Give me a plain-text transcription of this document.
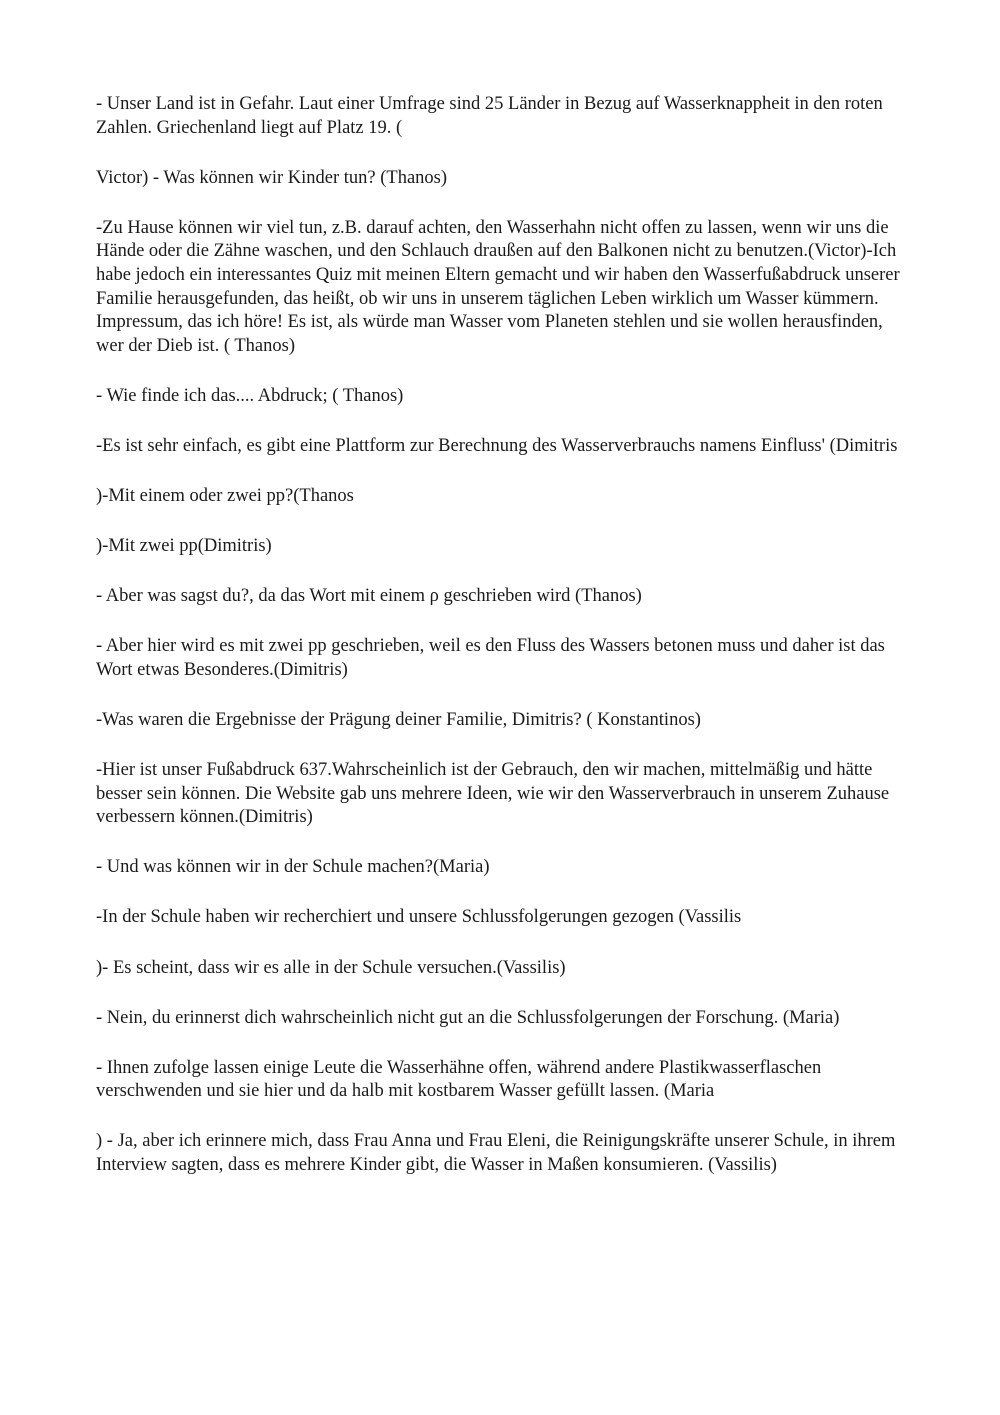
- Unser Land ist in Gefahr. Laut einer Umfrage sind 25 Länder in Bezug auf Wasserknappheit in den roten Zahlen. Griechenland liegt auf Platz 19. (

Victor) - Was können wir Kinder tun? (Thanos)

-Zu Hause können wir viel tun, z.B. darauf achten, den Wasserhahn nicht offen zu lassen, wenn wir uns die Hände oder die Zähne waschen, und den Schlauch draußen auf den Balkonen nicht zu benutzen.(Victor)-Ich

habe jedoch ein interessantes Quiz mit meinen Eltern gemacht und wir haben den Wasserfußabdruck unserer Familie herausgefunden, das heißt, ob wir uns in unserem täglichen Leben wirklich um Wasser kümmern.

Impressum, das ich höre! Es ist, als würde man Wasser vom Planeten stehlen und sie wollen herausfinden, wer der Dieb ist. ( Thanos)

- Wie finde ich das.... Abdruck; ( Thanos)

-Es ist sehr einfach, es gibt eine Plattform zur Berechnung des Wasserverbrauchs namens Einfluss' (Dimitris

)-Mit einem oder zwei pp?(Thanos

)-Mit zwei pp(Dimitris)

- Aber was sagst du?, da das Wort mit einem ρ geschrieben wird (Thanos)

- Aber hier wird es mit zwei pp geschrieben, weil es den Fluss des Wassers betonen muss und daher ist das Wort etwas Besonderes.(Dimitris)

-Was waren die Ergebnisse der Prägung deiner Familie, Dimitris? ( Konstantinos)

-Hier ist unser Fußabdruck 637.Wahrscheinlich ist der Gebrauch, den wir machen, mittelmäßig und hätte besser sein können. Die Website gab uns mehrere Ideen, wie wir den Wasserverbrauch in unserem Zuhause verbessern können.(Dimitris)

- Und was können wir in der Schule machen?(Maria)

-In der Schule haben wir recherchiert und unsere Schlussfolgerungen gezogen (Vassilis

)- Es scheint, dass wir es alle in der Schule versuchen.(Vassilis)

- Nein, du erinnerst dich wahrscheinlich nicht gut an die Schlussfolgerungen der Forschung. (Maria)

- Ihnen zufolge lassen einige Leute die Wasserhähne offen, während andere Plastikwasserflaschen verschwenden und sie hier und da halb mit kostbarem Wasser gefüllt lassen. (Maria

) - Ja, aber ich erinnere mich, dass Frau Anna und Frau Eleni, die Reinigungskräfte unserer Schule, in ihrem Interview sagten, dass es mehrere Kinder gibt, die Wasser in Maßen konsumieren. (Vassilis)
